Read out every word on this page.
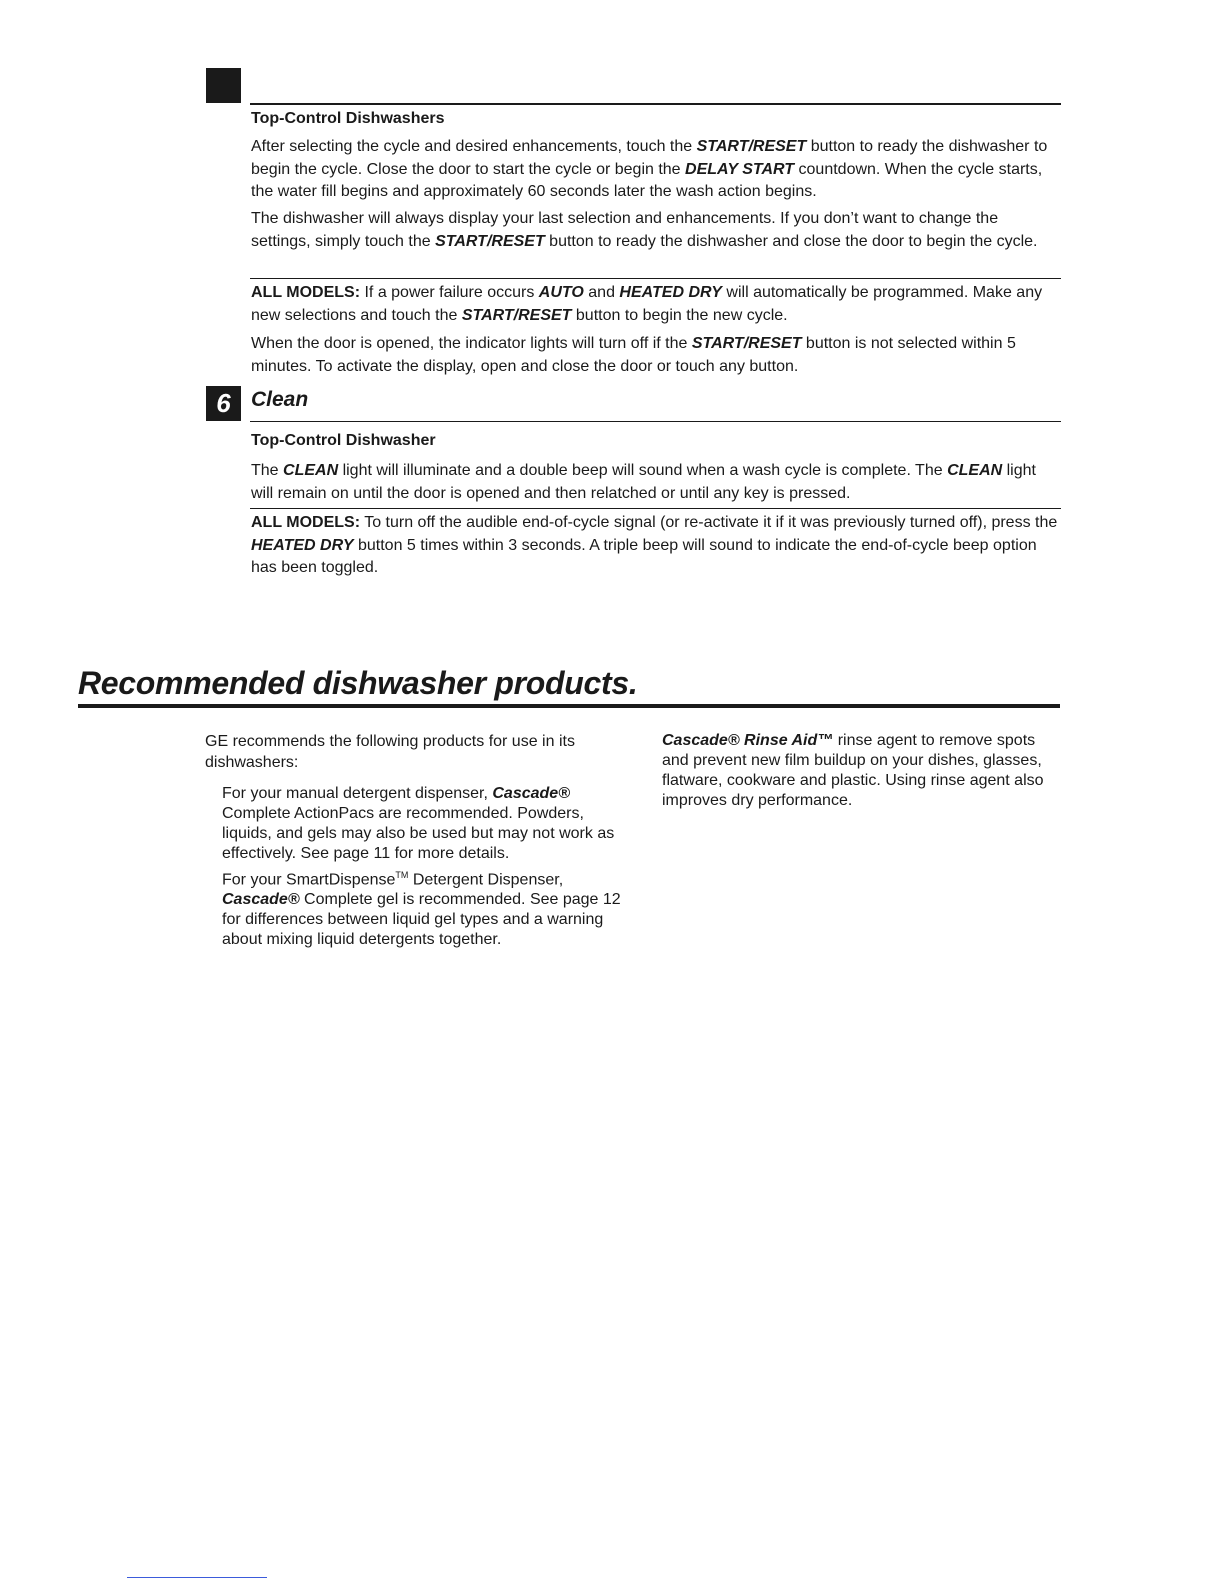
Top-Control Dishwashers

After selecting the cycle and desired enhancements, touch the START/RESET button to ready the dishwasher to begin the cycle. Close the door to start the cycle or begin the DELAY START countdown. When the cycle starts, the water fill begins and approximately 60 seconds later the wash action begins.

The dishwasher will always display your last selection and enhancements. If you don’t want to change the settings, simply touch the START/RESET button to ready the dishwasher and close the door to begin the cycle.

ALL MODELS: If a power failure occurs AUTO and HEATED DRY will automatically be programmed. Make any new selections and touch the START/RESET button to begin the new cycle.

When the door is opened, the indicator lights will turn off if the START/RESET button is not selected within 5 minutes. To activate the display, open and close the door or touch any button.

6 Clean
Top-Control Dishwasher

The CLEAN light will illuminate and a double beep will sound when a wash cycle is complete. The CLEAN light will remain on until the door is opened and then relatched or until any key is pressed.

ALL MODELS: To turn off the audible end-of-cycle signal (or re-activate it if it was previously turned off), press the HEATED DRY button 5 times within 3 seconds. A triple beep will sound to indicate the end-of-cycle beep option has been toggled.

Recommended dishwasher products.

GE recommends the following products for use in its dishwashers:

For your manual detergent dispenser, Cascade® Complete ActionPacs are recommended. Powders, liquids, and gels may also be used but may not work as effectively. See page 11 for more details.

For your SmartDispense™ Detergent Dispenser, Cascade® Complete gel is recommended. See page 12 for differences between liquid gel types and a warning about mixing liquid detergents together.

Cascade® Rinse Aid™ rinse agent to remove spots and prevent new film buildup on your dishes, glasses, flatware, cookware and plastic. Using rinse agent also improves dry performance.
